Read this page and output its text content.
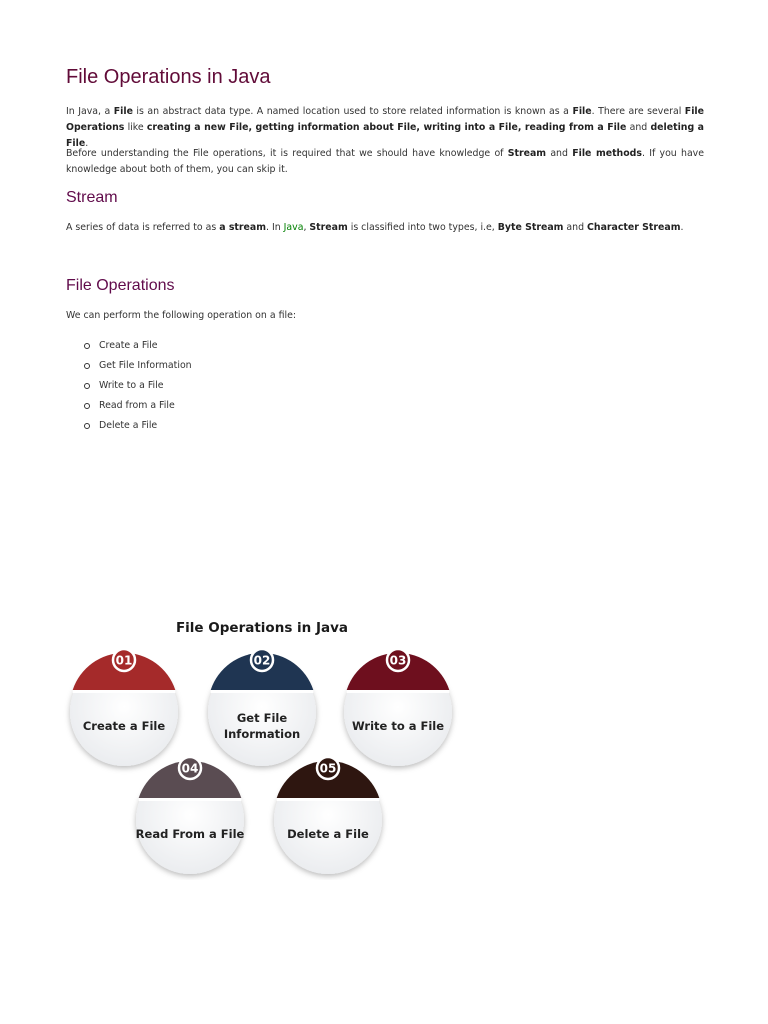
File Operations in Java

In Java, a File is an abstract data type. A named location used to store related information is known as a File. There are several File Operations like creating a new File, getting information about File, writing into a File, reading from a File and deleting a File.

Before understanding the File operations, it is required that we should have knowledge of Stream and File methods. If you have knowledge about both of them, you can skip it.

Stream

A series of data is referred to as a stream. In Java, Stream is classified into two types, i.e, Byte Stream and Character Stream.

File Operations

We can perform the following operation on a file:

Create a File
Get File Information
Write to a File
Read from a File
Delete a File
01	02	03
04	05
File Operations in Java
Create a File
Get File Information
Write to a File
Read From a File	Delete a File
